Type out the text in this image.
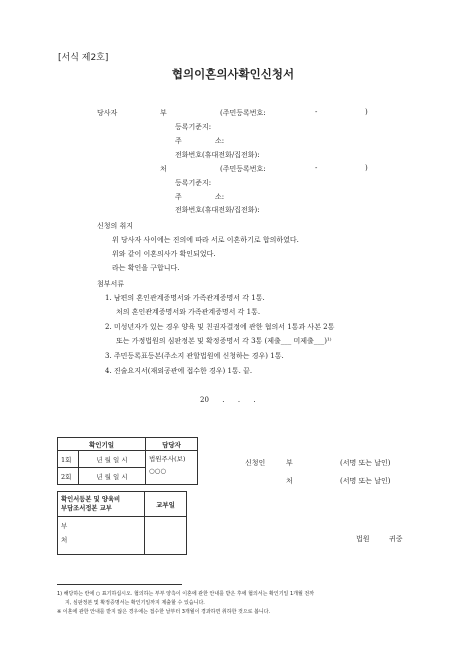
[서식 제2호]
협의이혼의사확인신청서
당사자	부	(주민등록번호:	-	)
등록기준지:
주	소:
전화번호(휴대전화/집전화):
처	(주민등록번호:	-	)
등록기준지:
주	소:
전화번호(휴대전화/집전화):
신청의 취지
위 당사자 사이에는 진의에 따라 서로 이혼하기로 합의하였다.
위와 같이 이혼의사가 확인되었다.
라는 확인을 구합니다.
첨부서류
1. 남편의 혼인관계증명서와 가족관계증명서 각 1통.
처의 혼인관계증명서와 가족관계증명서 각 1통.
2. 미성년자가 있는 경우 양육 및 친권자결정에 관한 협의서 1통과 사본 2통
또는 가정법원의 심판정본 및 확정증명서 각 3통 (제출___ 미제출___)¹⁾
3. 주민등록표등본(주소지 관할법원에 신청하는 경우) 1통.
4. 진술요지서(재외공관에 접수한 경우) 1통. 끝.
20      .      .      .
확인기일		담당자
1회	년 월 일 시	법원주사(보)
○○○

2회	년 월 일 시	
확인서등본 및 양육비
부담조서정본 교부	교부일

부
처	

신청인	부	(서명 또는 날인)
처	(서명 또는 날인)
법원	귀중
1) 해당하는 란에 ○ 표기하십시오. 협의하는 부부 양측이 이혼에 관한 안내를 받은 후에 협의서는 확인기일 1개월 전까
지, 심판정본 및 확정증명서는 확인기일까지 제출할 수 있습니다.
※ 이혼에 관한 안내를 받지 않은 경우에는 접수한 날부터 3개월이 경과하면 취하한 것으로 봅니다.
